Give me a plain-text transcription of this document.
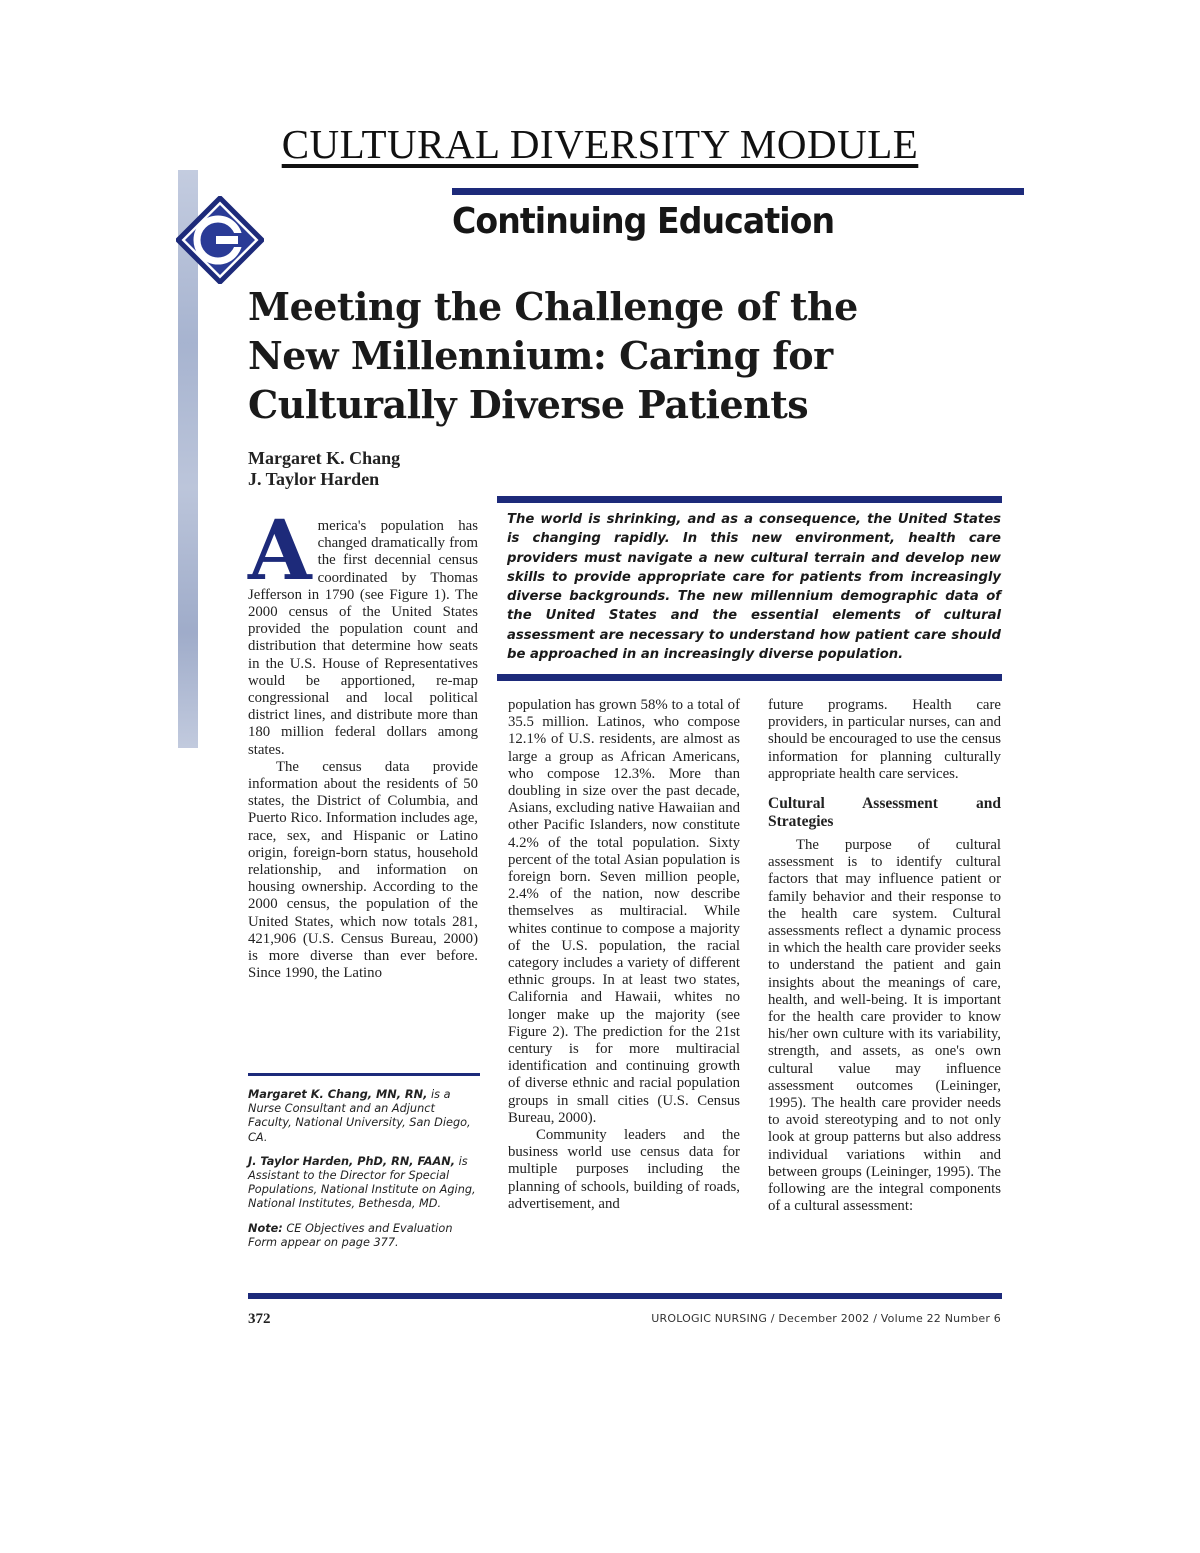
CULTURAL DIVERSITY MODULE
Continuing Education
Meeting the Challenge of the
New Millennium: Caring for
Culturally Diverse Patients
Margaret K. Chang
J. Taylor Harden
The world is shrinking, and as a consequence, the United States is changing rapidly. In this new environment, health care providers must navigate a new cultural terrain and develop new skills to provide appropriate care for patients from increasingly diverse backgrounds. The new millennium demographic data of the United States and the essential elements of cultural assessment are necessary to understand how patient care should be approached in an increasingly diverse population.

America's population has changed dramatically from the first decennial census coordinated by Thomas Jefferson in 1790 (see Figure 1). The 2000 census of the United States provided the population count and distribution that determine how seats in the U.S. House of Representatives would be apportioned, re-map congressional and local political district lines, and distribute more than 180 million federal dollars among states.

The census data provide information about the residents of 50 states, the District of Columbia, and Puerto Rico. Information includes age, race, sex, and Hispanic or Latino origin, foreign-born status, household relationship, and information on housing ownership. According to the 2000 census, the population of the United States, which now totals 281, 421,906 (U.S. Census Bureau, 2000) is more diverse than ever before. Since 1990, the Latino

Margaret K. Chang, MN, RN, is a Nurse Consultant and an Adjunct Faculty, National University, San Diego, CA.

J. Taylor Harden, PhD, RN, FAAN, is Assistant to the Director for Special Populations, National Institute on Aging, National Institutes, Bethesda, MD.

Note: CE Objectives and Evaluation Form appear on page 377.

population has grown 58% to a total of 35.5 million. Latinos, who compose 12.1% of U.S. residents, are almost as large a group as African Americans, who compose 12.3%. More than doubling in size over the past decade, Asians, excluding native Hawaiian and other Pacific Islanders, now constitute 4.2% of the total population. Sixty percent of the total Asian population is foreign born. Seven million people, 2.4% of the nation, now describe themselves as multiracial. While whites continue to compose a majority of the U.S. population, the racial category includes a variety of different ethnic groups. In at least two states, California and Hawaii, whites no longer make up the majority (see Figure 2). The prediction for the 21st century is for more multiracial identification and continuing growth of diverse ethnic and racial population groups in small cities (U.S. Census Bureau, 2000).

Community leaders and the business world use census data for multiple purposes including the planning of schools, building of roads, advertisement, and

future programs. Health care providers, in particular nurses, can and should be encouraged to use the census information for planning culturally appropriate health care services.

Cultural Assessment and Strategies

The purpose of cultural assessment is to identify cultural factors that may influence patient or family behavior and their response to the health care system. Cultural assessments reflect a dynamic process in which the health care provider seeks to understand the patient and gain insights about the meanings of care, health, and well-being. It is important for the health care provider to know his/her own culture with its variability, strength, and assets, as one's own cultural value may influence assessment outcomes (Leininger, 1995). The health care provider needs to avoid stereotyping and to not only look at group patterns but also address individual variations within and between groups (Leininger, 1995). The following are the integral components of a cultural assessment:

372	UROLOGIC NURSING / December 2002 / Volume 22 Number 6
